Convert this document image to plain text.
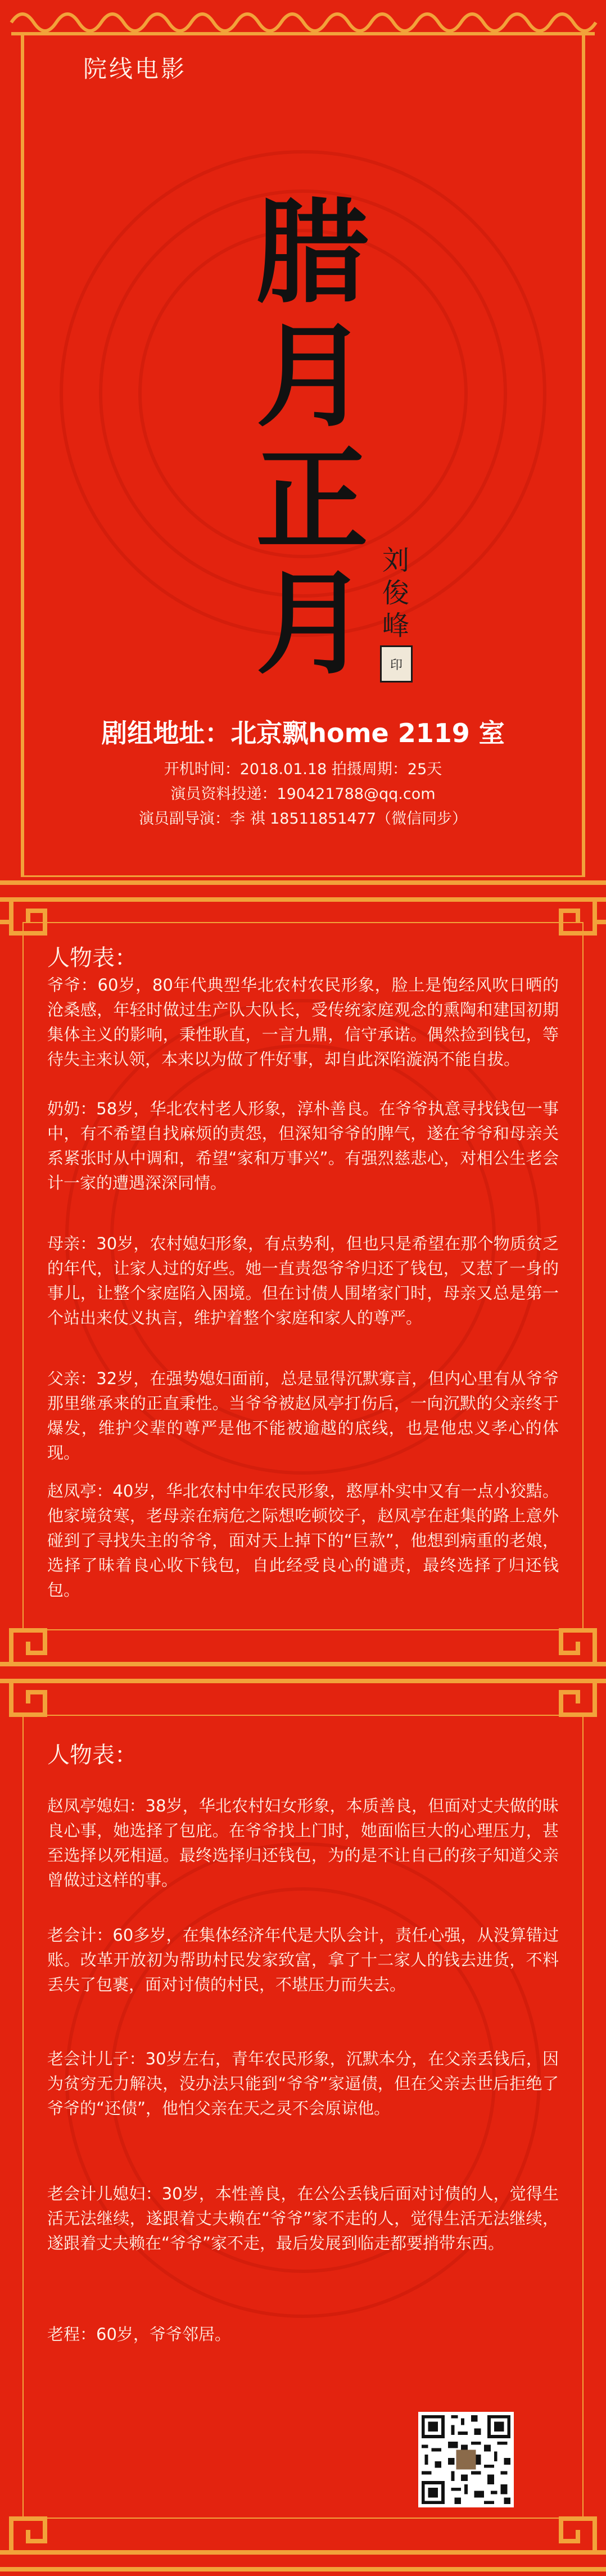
院线电影
腊
月
正
月 刘
俊
峰
印
剧组地址：北京飘home 2119 室
开机时间：2018.01.18 拍摄周期：25天
演员资料投递：190421788@qq.com
演员副导演：李 祺 18511851477（微信同步）
人物表：

爷爷：60岁，80年代典型华北农村农民形象，脸上是饱经风吹日晒的沧桑感，年轻时做过生产队大队长，受传统家庭观念的熏陶和建国初期集体主义的影响，秉性耿直，一言九鼎，信守承诺。偶然捡到钱包，等待失主来认领，本来以为做了件好事，却自此深陷漩涡不能自拔。

奶奶：58岁，华北农村老人形象，淳朴善良。在爷爷执意寻找钱包一事中，有不希望自找麻烦的责怨，但深知爷爷的脾气，遂在爷爷和母亲关系紧张时从中调和，希望“家和万事兴”。有强烈慈悲心，对相公生老会计一家的遭遇深深同情。

母亲：30岁，农村媳妇形象，有点势利，但也只是希望在那个物质贫乏的年代，让家人过的好些。她一直责怨爷爷归还了钱包，又惹了一身的事儿，让整个家庭陷入困境。但在讨债人围堵家门时，母亲又总是第一个站出来仗义执言，维护着整个家庭和家人的尊严。

父亲：32岁，在强势媳妇面前，总是显得沉默寡言，但内心里有从爷爷那里继承来的正直秉性。当爷爷被赵凤亭打伤后，一向沉默的父亲终于爆发，维护父辈的尊严是他不能被逾越的底线，也是他忠义孝心的体现。

赵凤亭：40岁，华北农村中年农民形象，憨厚朴实中又有一点小狡黠。他家境贫寒，老母亲在病危之际想吃顿饺子，赵凤亭在赶集的路上意外碰到了寻找失主的爷爷，面对天上掉下的“巨款”，他想到病重的老娘，选择了昧着良心收下钱包，自此经受良心的谴责，最终选择了归还钱包。

人物表：

赵凤亭媳妇：38岁，华北农村妇女形象，本质善良，但面对丈夫做的昧良心事，她选择了包庇。在爷爷找上门时，她面临巨大的心理压力，甚至选择以死相逼。最终选择归还钱包，为的是不让自己的孩子知道父亲曾做过这样的事。

老会计：60多岁，在集体经济年代是大队会计，责任心强，从没算错过账。改革开放初为帮助村民发家致富，拿了十二家人的钱去进货，不料丢失了包裹，面对讨债的村民，不堪压力而失去。

老会计儿子：30岁左右，青年农民形象，沉默本分，在父亲丢钱后，因为贫穷无力解决，没办法只能到“爷爷”家逼债，但在父亲去世后拒绝了爷爷的“还债”，他怕父亲在天之灵不会原谅他。

老会计儿媳妇：30岁，本性善良，在公公丢钱后面对讨债的人，觉得生活无法继续，遂跟着丈夫赖在“爷爷”家不走的人，觉得生活无法继续，遂跟着丈夫赖在“爷爷”家不走，最后发展到临走都要捎带东西。

老程：60岁，爷爷邻居。
